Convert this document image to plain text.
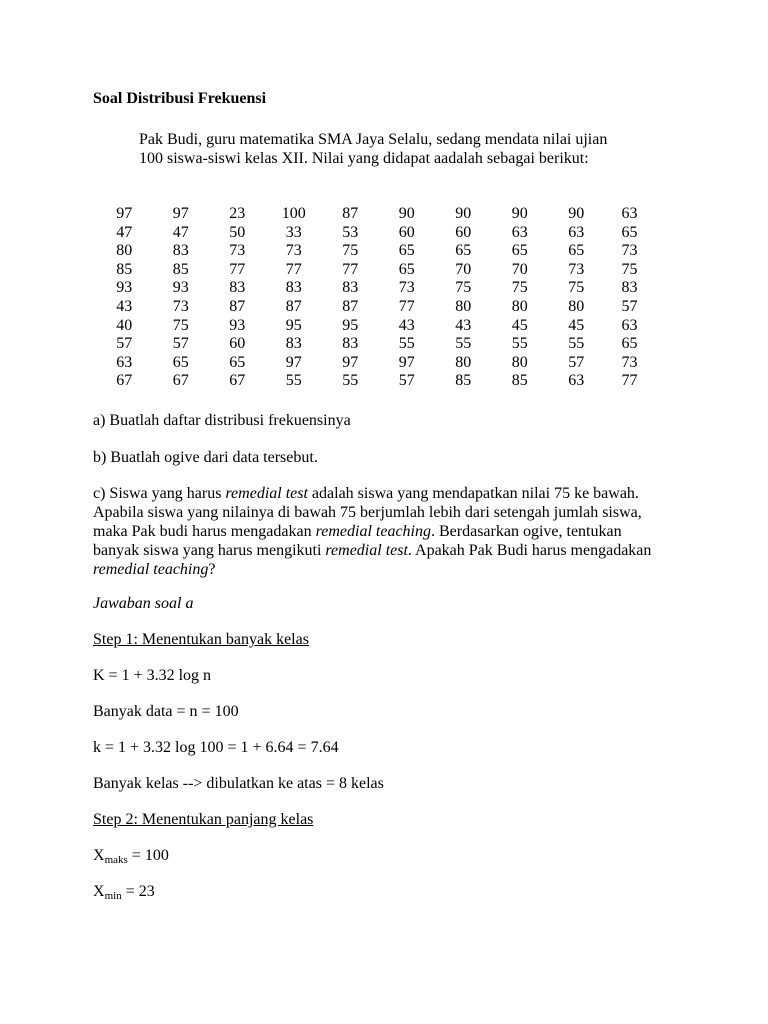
Soal Distribusi Frekuensi

Pak Budi, guru matematika SMA Jaya Selalu, sedang mendata nilai ujian 100 siswa-siswi kelas XII. Nilai yang didapat aadalah sebagai berikut:

97	97	23	100	87	90	90	90	90	63
47	47	50	33	53	60	60	63	63	65
80	83	73	73	75	65	65	65	65	73
85	85	77	77	77	65	70	70	73	75
93	93	83	83	83	73	75	75	75	83
43	73	87	87	87	77	80	80	80	57
40	75	93	95	95	43	43	45	45	63
57	57	60	83	83	55	55	55	55	65
63	65	65	97	97	97	80	80	57	73
67	67	67	55	55	57	85	85	63	77

a) Buatlah daftar distribusi frekuensinya

b) Buatlah ogive dari data tersebut.

c) Siswa yang harus remedial test adalah siswa yang mendapatkan nilai 75 ke bawah. Apabila siswa yang nilainya di bawah 75 berjumlah lebih dari setengah jumlah siswa, maka Pak budi harus mengadakan remedial teaching. Berdasarkan ogive, tentukan banyak siswa yang harus mengikuti remedial test. Apakah Pak Budi harus mengadakan remedial teaching?

Jawaban soal a

Step 1: Menentukan banyak kelas

K = 1 + 3.32 log n

Banyak data = n = 100

k = 1 + 3.32 log 100 = 1 + 6.64 = 7.64

Banyak kelas --> dibulatkan ke atas = 8 kelas

Step 2: Menentukan panjang kelas

$X_{maks} = 100$

$X_{min} = 23$
